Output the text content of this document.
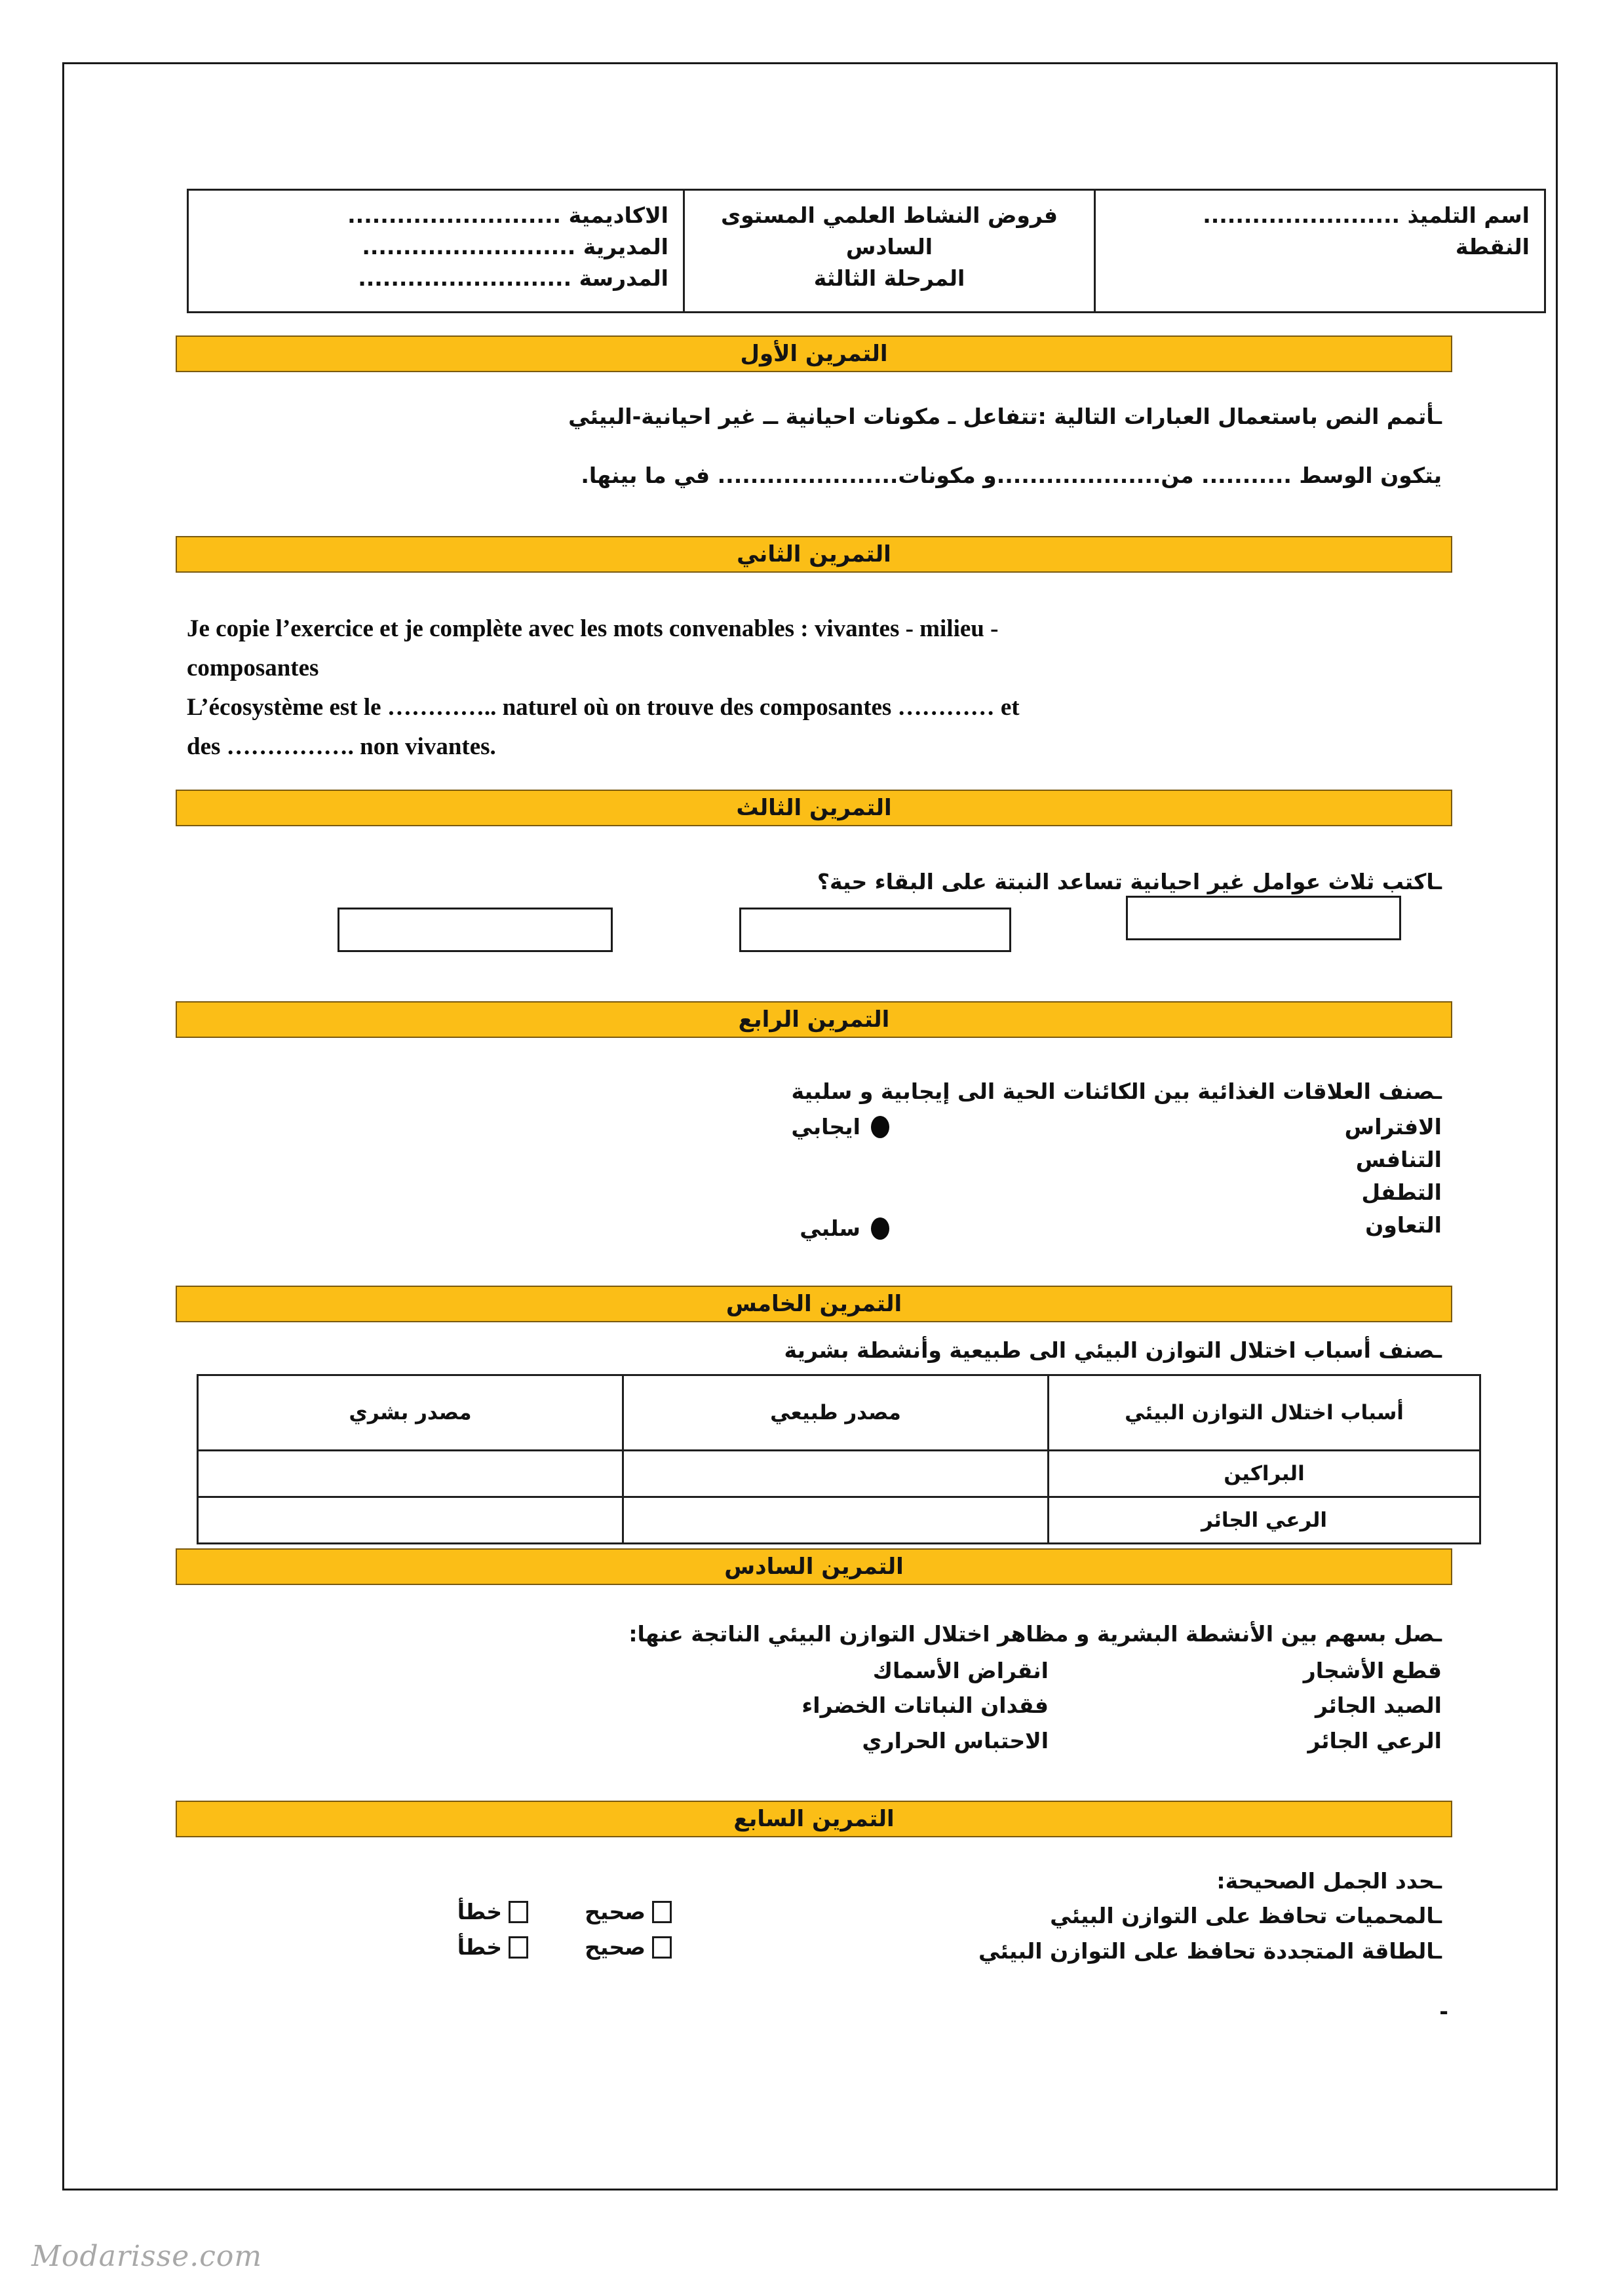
اسم التلميذ ........................
النقطة

فروض النشاط العلمي المستوى السادس
المرحلة الثالثة

الاكاديمية ..........................
المديرية ..........................
المدرسة ..........................
التمرين الأول
ـأتمم النص باستعمال العبارات التالية :تتفاعل ـ مكونات احيانية ــ غير احيانية-البيئي
يتكون الوسط ........... من....................و مكونات...................... في ما بينها.
التمرين الثاني
Je copie l’exercice et je complète avec les mots convenables : vivantes - milieu -
composantes
L’écosystème est le ………….. naturel où on trouve des composantes ………… et
des ……………. non vivantes.
التمرين الثالث
ـاكتب ثلاث عوامل غير احيانية تساعد النبتة على البقاء حية؟
التمرين الرابع
ـصنف العلاقات الغذائية بين الكائنات الحية الى إيجابية و سلبية
الافتراس
التنافس
التطفل
التعاون
ايجابي
سلبي
التمرين الخامس
ـصنف أسباب اختلال التوازن البيئي الى طبيعية وأنشطة بشرية
أسباب اختلال التوازن البيئي	مصدر طبيعي	مصدر بشري
البراكين		
الرعي الجائر		
التمرين السادس
ـصل بسهم بين الأنشطة البشرية و مظاهر اختلال التوازن البيئي الناتجة عنها:
قطع الأشجار
انقراض الأسماك
الصيد الجائر
فقدان النباتات الخضراء
الرعي الجائر
الاحتباس الحراري
التمرين السابع
ـحدد الجمل الصحيحة:
ـالمحميات تحافظ على التوازن البيئي
ـالطاقة المتجددة تحافظ على التوازن البيئي
صحيح
خطأ
صحيح
خطأ
-
Modarisse.com
